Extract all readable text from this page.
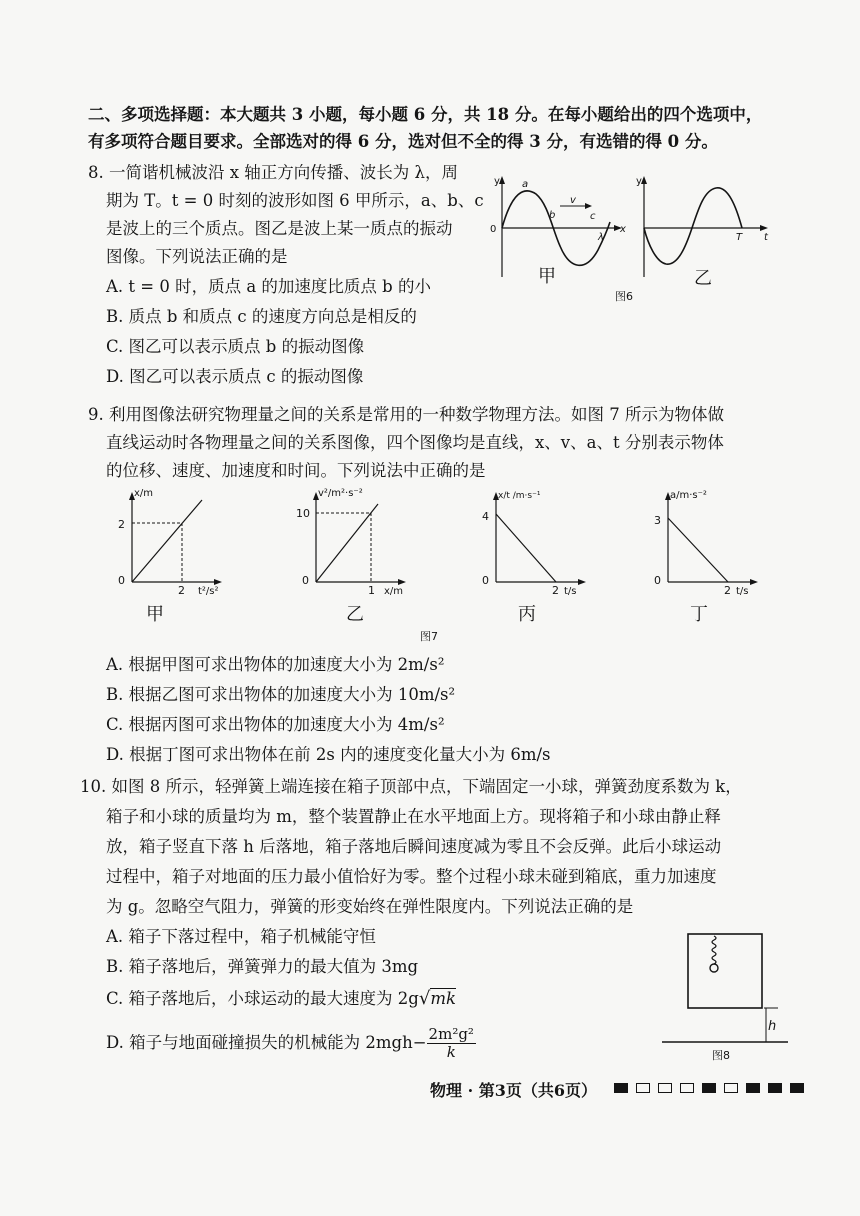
二、多项选择题：本大题共 3 小题，每小题 6 分，共 18 分。在每小题给出的四个选项中，
有多项符合题目要求。全部选对的得 6 分，选对但不全的得 3 分，有选错的得 0 分。
8. 一简谐机械波沿 x 轴正方向传播、波长为 λ，周
期为 T。t = 0 时刻的波形如图 6 甲所示，a、b、c
是波上的三个质点。图乙是波上某一质点的振动
图像。下列说法正确的是
A. t = 0 时，质点 a 的加速度比质点 b 的小
B. 质点 b 和质点 c 的速度方向总是相反的
C. 图乙可以表示质点 b 的振动图像
D. 图乙可以表示质点 c 的振动图像
y
0	x
a
b	c
v
λ
y
T t
甲	乙
图6
9. 利用图像法研究物理量之间的关系是常用的一种数学物理方法。如图 7 所示为物体做
直线运动时各物理量之间的关系图像，四个图像均是直线，x、v、a、t 分别表示物体
的位移、速度、加速度和时间。下列说法中正确的是
x/m
2
2 t²/s²
0
v²/m²·s⁻²
10
1 x/m
0
x/t /m·s⁻¹
4
2 t/s
0
a/m·s⁻²
3
2 t/s
0
甲	乙	丙	丁
图7
A. 根据甲图可求出物体的加速度大小为 2m/s²
B. 根据乙图可求出物体的加速度大小为 10m/s²
C. 根据丙图可求出物体的加速度大小为 4m/s²
D. 根据丁图可求出物体在前 2s 内的速度变化量大小为 6m/s
10. 如图 8 所示，轻弹簧上端连接在箱子顶部中点，下端固定一小球，弹簧劲度系数为 k，
箱子和小球的质量均为 m，整个装置静止在水平地面上方。现将箱子和小球由静止释
放，箱子竖直下落 h 后落地，箱子落地后瞬间速度减为零且不会反弹。此后小球运动
过程中，箱子对地面的压力最小值恰好为零。整个过程小球未碰到箱底，重力加速度
为 g。忽略空气阻力，弹簧的形变始终在弹性限度内。下列说法正确的是
A. 箱子下落过程中，箱子机械能守恒
B. 箱子落地后，弹簧弹力的最大值为 3mg
C. 箱子落地后，小球运动的最大速度为 2g√mk
D. 箱子与地面碰撞损失的机械能为 $2mgh- \frac{\text{2m²g²}}{k}$	h
图8
物理 · 第3页（共6页）
